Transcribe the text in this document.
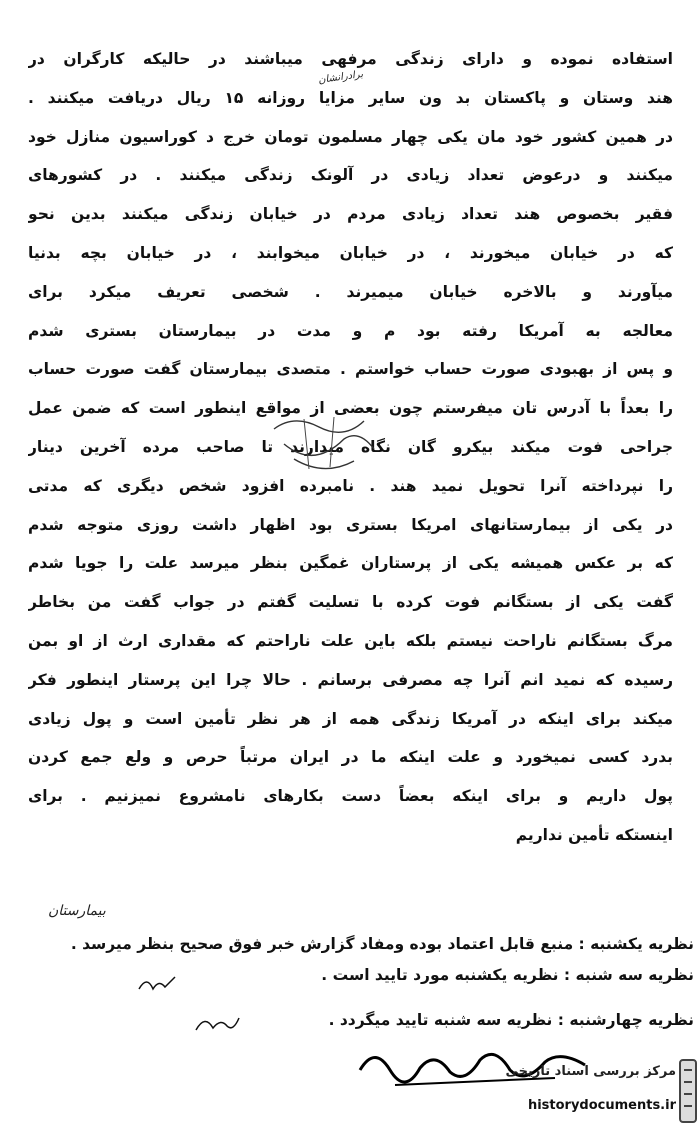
استفاده نموده و دارای زندگی مرفهی میباشند در حالیکه کارگران در
هند وستان و پاکستان بد ون سایر مزایا روزانه ۱۵ ریال دریافت میکنند .
در همین کشور خود مان یکی چهار مسلمون تومان خرج د کوراسیون منازل خود
میکنند و درعوض تعداد زیادی در آلونک زندگی میکنند . در کشورهای
فقیر بخصوص هند تعداد زیادی مردم در خیابان زندگی میکنند بدین نحو
که در خیابان میخورند ، در خیابان میخوابند ، در خیابان بچه بدنیا
میآورند و بالاخره خیابان میمیرند . شخصی تعریف میکرد برای
معالجه به آمریکا رفته بود م و مدت در بیمارستان بستری شدم
و پس از بهبودی صورت حساب خواستم . متصدی بیمارستان گفت صورت حساب
را بعداً با آدرس تان میفرستم چون بعضی از مواقع اینطور است که ضمن عمل
جراحی فوت میکند بیکرو گان نگاه میدارند تا صاحب مرده آخرین دینار
را نپرداخته آنرا تحویل نمید هند . نامبرده افزود شخص دیگری که مدتی
در یکی از بیمارستانهای امریکا بستری بود اظهار داشت روزی متوجه شدم
که بر عکس همیشه یکی از پرستاران غمگین بنظر میرسد علت را جویا شدم
گفت یکی از بستگانم فوت کرده با تسلیت گفتم در جواب گفت من بخاطر
مرگ بستگانم ناراحت نیستم بلکه باین علت ناراحتم که مقداری ارث از او بمن
رسیده که نمید انم آنرا چه مصرفی برسانم . حالا چرا این پرستار اینطور فکر
میکند برای اینکه در آمریکا زندگی همه از هر نظر تأمین است و پول زیادی
بدرد کسی نمیخورد و علت اینکه ما در ایران مرتباً حرص و ولع جمع کردن
پول داریم و برای اینکه بعضاً دست بکارهای نامشروع نمیزنیم . برای
اینستکه تأمین نداریم
نظریه یکشنبه : منبع قابل اعتماد بوده ومفاد گزارش خبر فوق صحیح بنظر میرسد .
نظریه سه شنبه : نظریه یکشنبه مورد تایید است .
نظریه چهارشنبه : نظریه سه شنبه تایید میگردد .
برادرانشان
بیمارستان
مرکز بررسی اسناد تاریخی
historydocuments.ir
